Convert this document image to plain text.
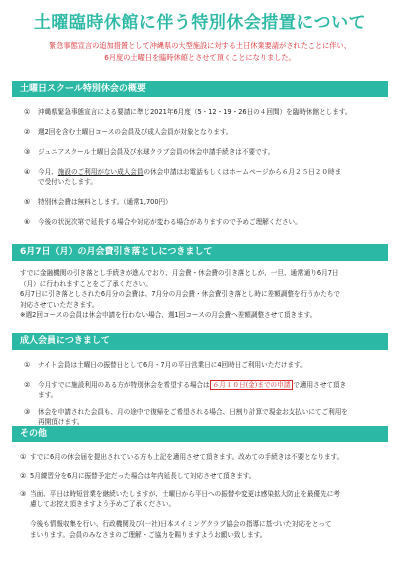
土曜臨時休館に伴う特別休会措置について
緊急事態宣言の追加措置として沖縄県の大型施設に対する土日休業要請がされたことに伴い、
6月度の土曜日を臨時休館とさせて頂くことになりました。
土曜日スクール特別休会の概要
① 沖縄県緊急事態宣言による要請に準じ2021年6月度（5・12・19・26日の４回間）を臨時休館とします。
② 週2回を含む土曜日コースの会員及び成人会員が対象となります。
③ ジュニアスクール土曜日会員及び水球クラブ会員の休会申請手続きは不要です。
④ 今月、施設のご利用がない成人会員の休会申請はお電話もしくはホームページから６月２５日２０時ま
で受付いたします。
⑤ 特別休会費は無料とします。（通常1,700円）
⑥ 今後の状況次第で延長する場合や対応が変わる場合がありますので予めご理解ください。
6月7日（月）の月会費引き落としにつきまして
すでに金融機関の引き落とし手続きが進んでおり、月会費・休会費の引き落としが、一旦、通常通り6月7日
（月）に行われますことをご了承ください。
6月7日に引き落としされた6月分の会費は、7月分の月会費・休会費引き落とし時に差額調整を行うかたちで
対応させていただきます。
※週2回コースの会員は休会申請を行わない場合、週1回コースの月会費へ差額調整させて頂きます。
成人会員につきまして
① ナイト会員は土曜日の振替日として6月・7月の平日営業日に4回時日ご利用いただけます。
② 今月すでに施設利用のある方が特別休会を希望する場合は ６月１０日(金)までの申請 で適用させて頂き
ます。
③ 休会を申請された会員も、月の途中で復帰をご希望される場合、日割り計算で現金お支払いにてご利用を
再開頂けます。
その他
① すでに6月の休会届を提出されている方も上記を適用させて頂きます。改めての手続きは不要となります。
② 5月練習分を6月に振替予定だった場合は年内延長して対応させて頂きます。
③ 当面、平日は時短営業を継続いたしますが、土曜日から平日への振替や変更は感染拡大防止を最優先に考
慮してお控え頂きますよう予めご了承ください。
今後も情報収集を行い、行政機関及び(一社)日本スイミングクラブ協会の指導に基づいた対応をとって
まいります。会員のみなさまのご理解・ご協力を賜りますようお願い致します。
